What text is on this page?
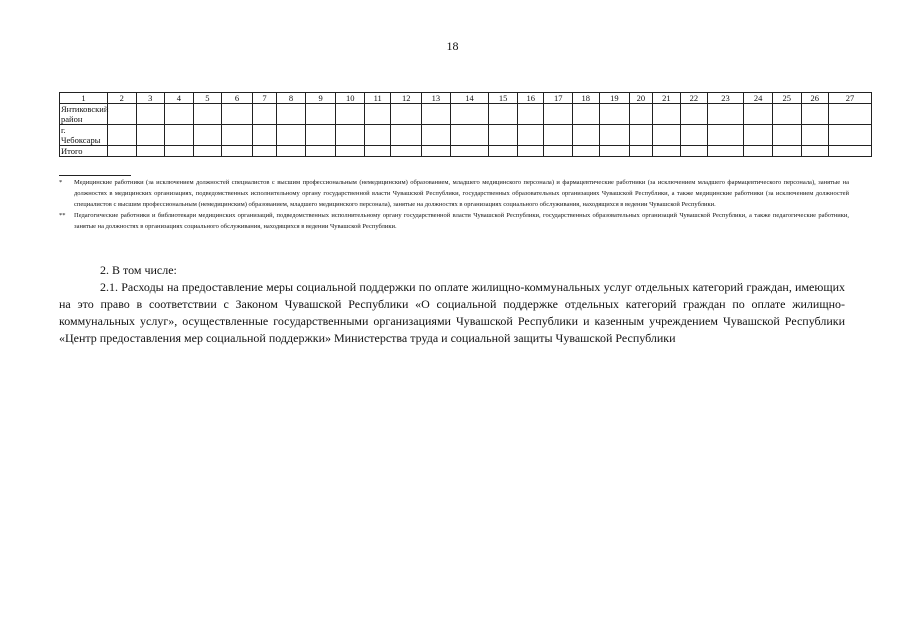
18
1	2	3	4	5	6	7	8	9	10	11	12	13	14	15	16	17	18	19	20	21	22	23	24	25	26	27
Янтиковский район																										
г. Чебоксары																										
Итого																										
*	Медицинские работники (за исключением должностей специалистов с высшим профессиональным (немедицинским) образованием, младшего медицинского персонала) и фармацевтические работники (за исключением младшего фармацевтического персонала), занятые на должностях в медицинских организациях, подведомственных исполнительному органу государственной власти Чувашской Республики, государственных образовательных организациях Чувашской Республики, а также медицинские работники (за исключением должностей специалистов с высшим профессиональным (немедицинским) образованием, младшего медицинского персонала), занятые на должностях в организациях социального обслуживания, находящихся в ведении Чувашской Республики.
**	Педагогические работники и библиотекари медицинских организаций, подведомственных исполнительному органу государственной власти Чувашской Республики, государственных образовательных организаций Чувашской Республики, а также педагогические работники, занятые на должностях в организациях социального обслуживания, находящихся в ведении Чувашской Республики.

2. В том числе:

2.1. Расходы на предоставление меры социальной поддержки по оплате жилищно-коммунальных услуг отдельных категорий граждан, имеющих на это право в соответствии с Законом Чувашской Республики «О социальной поддержке отдельных категорий граждан по оплате жилищно-коммунальных услуг», осуществленные государственными организациями Чувашской Республики и казенным учреждением Чувашской Республики «Центр предоставления мер социальной поддержки» Министерства труда и социальной защиты Чувашской Республики
